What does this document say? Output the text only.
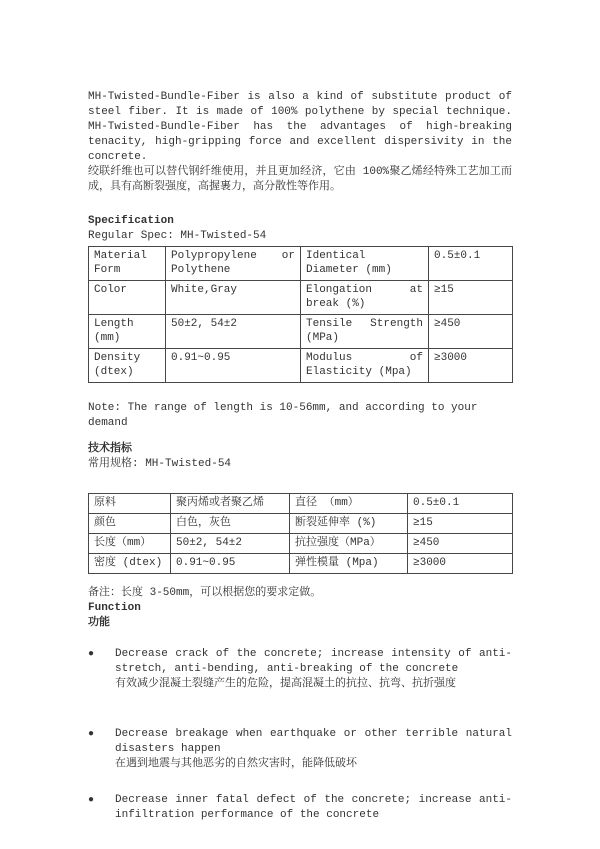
MH-Twisted-Bundle-Fiber is also a kind of substitute product of steel fiber. It is made of 100% polythene by special technique. MH-Twisted-Bundle-Fiber has the advantages of high-breaking tenacity, high-gripping force and excellent dispersivity in the concrete.
绞联纤维也可以替代钢纤维使用，并且更加经济，它由 100%聚乙烯经特殊工艺加工而成，具有高断裂强度，高握裹力，高分散性等作用。
Specification
Regular Spec: MH-Twisted-54
Material Form	Polypropylene or Polythene	Identical Diameter (mm)	0.5±0.1
Color	White,Gray	Elongation at break (%)	≥15
Length (mm)	50±2, 54±2	Tensile Strength (MPa)	≥450
Density (dtex)	0.91~0.95	Modulus of Elasticity (Mpa)	≥3000
Note: The range of length is 10-56mm, and according to your demand
技术指标
常用规格: MH-Twisted-54
原料	聚丙烯或者聚乙烯	直径 （mm）	0.5±0.1
颜色	白色，灰色	断裂延伸率 (%)	≥15
长度（mm）	50±2, 54±2	抗拉强度（MPa）	≥450
密度 (dtex)	0.91~0.95	弹性模量 (Mpa)	≥3000
备注：长度 3-50mm，可以根据您的要求定做。
Function
功能
●	Decrease crack of the concrete; increase intensity of anti-stretch, anti-bending, anti-breaking of the concrete
有效减少混凝土裂缝产生的危险，提高混凝土的抗拉、抗弯、抗折强度
●	Decrease breakage when earthquake or other terrible natural disasters happen
在遇到地震与其他恶劣的自然灾害时，能降低破坏
●	Decrease inner fatal defect of the concrete; increase anti-infiltration performance of the concrete
